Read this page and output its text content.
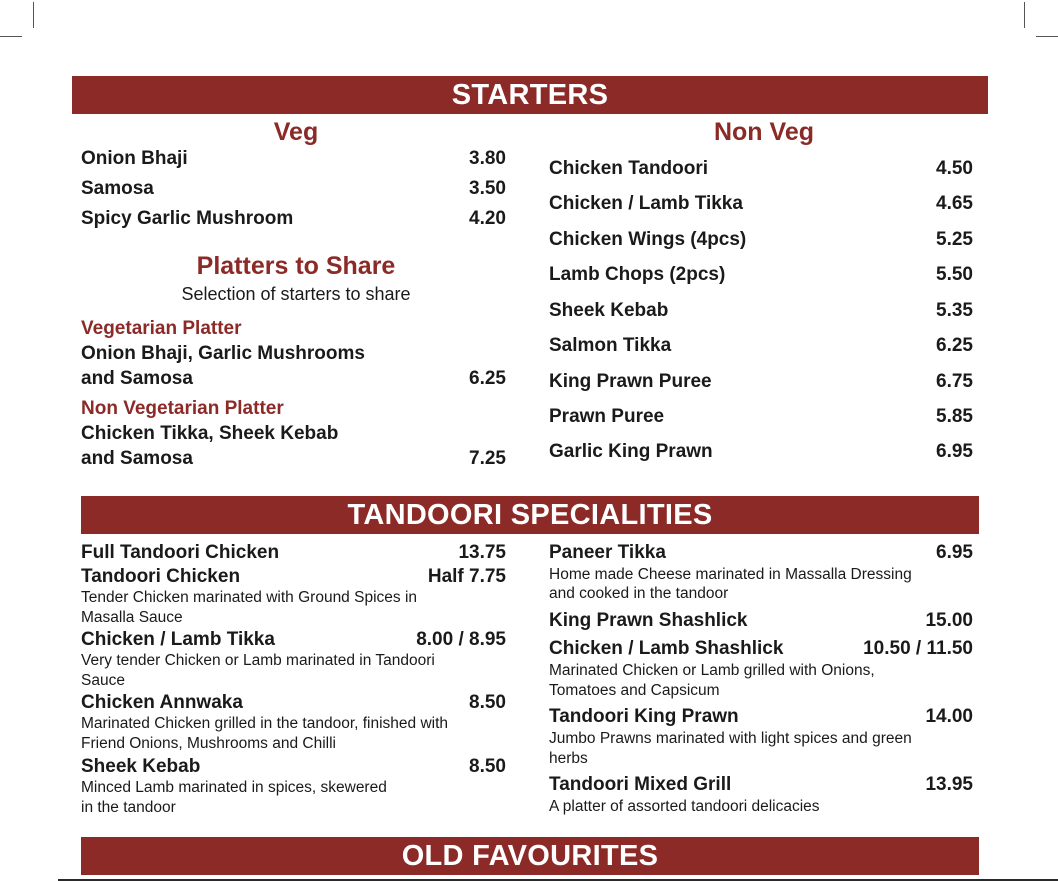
STARTERS
Veg
Onion Bhaji	3.80
Samosa	3.50
Spicy Garlic Mushroom	4.20
Platters to Share
Selection of starters to share
Vegetarian Platter
Onion Bhaji, Garlic Mushrooms
and Samosa	6.25
Non Vegetarian Platter
Chicken Tikka, Sheek Kebab
and Samosa	7.25
Non Veg
Chicken Tandoori	4.50
Chicken / Lamb Tikka	4.65
Chicken Wings (4pcs)	5.25
Lamb Chops (2pcs)	5.50
Sheek Kebab	5.35
Salmon Tikka	6.25
King Prawn Puree	6.75
Prawn Puree	5.85
Garlic King Prawn	6.95
TANDOORI SPECIALITIES
Full Tandoori Chicken	13.75
Tandoori Chicken	Half 7.75
Tender Chicken marinated with Ground Spices in
Masalla Sauce
Chicken / Lamb Tikka	8.00 / 8.95
Very tender Chicken or Lamb marinated in Tandoori
Sauce
Chicken Annwaka	8.50
Marinated Chicken grilled in the tandoor, finished with
Friend Onions, Mushrooms and Chilli
Sheek Kebab	8.50
Minced Lamb marinated in spices, skewered
in the tandoor
Paneer Tikka	6.95
Home made Cheese marinated in Massalla Dressing
and cooked in the tandoor
King Prawn Shashlick	15.00
Chicken / Lamb Shashlick	10.50 / 11.50
Marinated Chicken or Lamb grilled with Onions,
Tomatoes and Capsicum
Tandoori King Prawn	14.00
Jumbo Prawns marinated with light spices and green
herbs
Tandoori Mixed Grill	13.95
A platter of assorted tandoori delicacies
OLD FAVOURITES
